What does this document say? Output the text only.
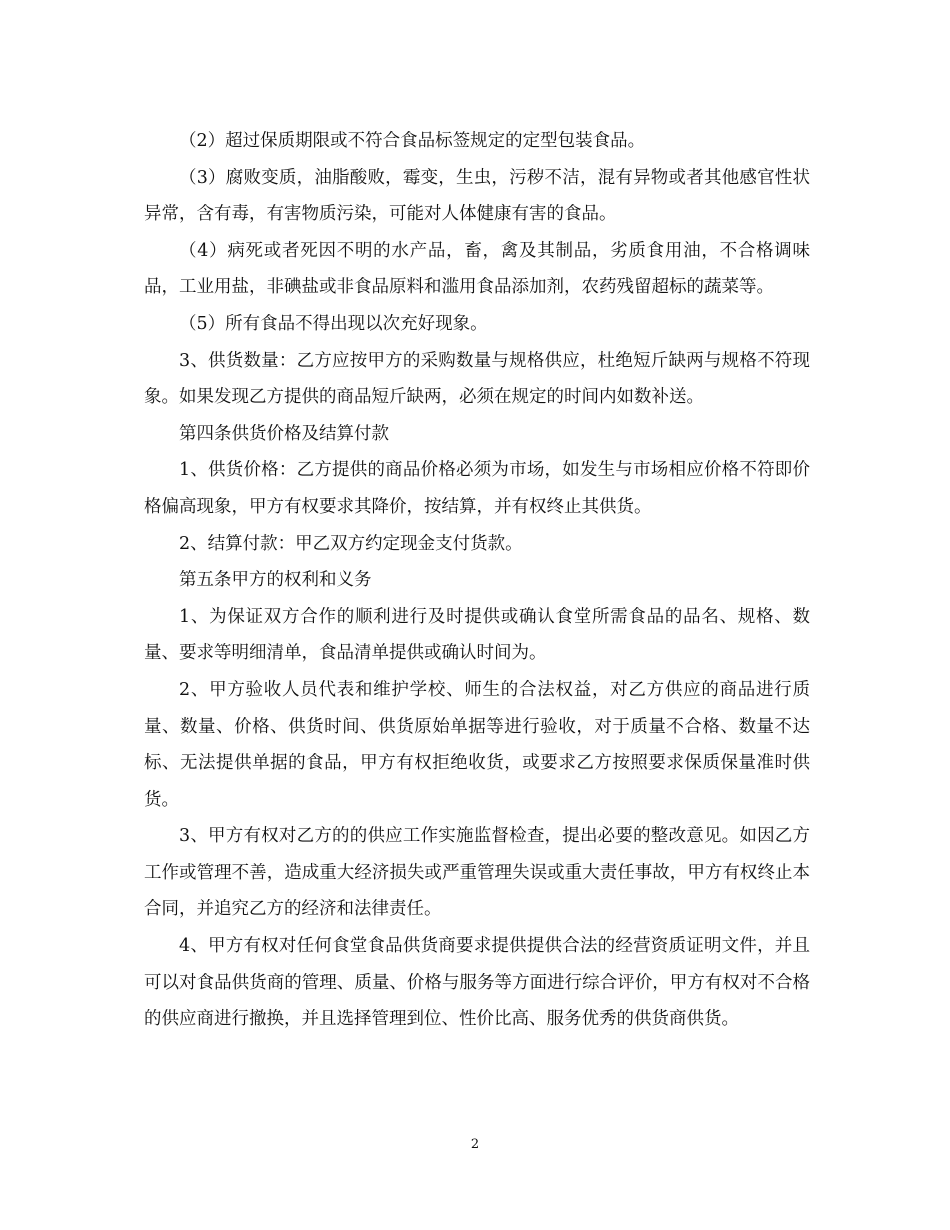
（2）超过保质期限或不符合食品标签规定的定型包装食品。

（3）腐败变质，油脂酸败，霉变，生虫，污秽不洁，混有异物或者其他感官性状异常，含有毒，有害物质污染，可能对人体健康有害的食品。

（4）病死或者死因不明的水产品，畜，禽及其制品，劣质食用油，不合格调味品，工业用盐，非碘盐或非食品原料和滥用食品添加剂，农药残留超标的蔬菜等。

（5）所有食品不得出现以次充好现象。

3、供货数量：乙方应按甲方的采购数量与规格供应，杜绝短斤缺两与规格不符现象。如果发现乙方提供的商品短斤缺两，必须在规定的时间内如数补送。

第四条供货价格及结算付款

1、供货价格：乙方提供的商品价格必须为市场，如发生与市场相应价格不符即价格偏高现象，甲方有权要求其降价，按结算，并有权终止其供货。

2、结算付款：甲乙双方约定现金支付货款。

第五条甲方的权利和义务

1、为保证双方合作的顺利进行及时提供或确认食堂所需食品的品名、规格、数量、要求等明细清单，食品清单提供或确认时间为。

2、甲方验收人员代表和维护学校、师生的合法权益，对乙方供应的商品进行质量、数量、价格、供货时间、供货原始单据等进行验收，对于质量不合格、数量不达标、无法提供单据的食品，甲方有权拒绝收货，或要求乙方按照要求保质保量准时供货。

3、甲方有权对乙方的的供应工作实施监督检查，提出必要的整改意见。如因乙方工作或管理不善，造成重大经济损失或严重管理失误或重大责任事故，甲方有权终止本合同，并追究乙方的经济和法律责任。

4、甲方有权对任何食堂食品供货商要求提供提供合法的经营资质证明文件，并且可以对食品供货商的管理、质量、价格与服务等方面进行综合评价，甲方有权对不合格的供应商进行撤换，并且选择管理到位、性价比高、服务优秀的供货商供货。

2
